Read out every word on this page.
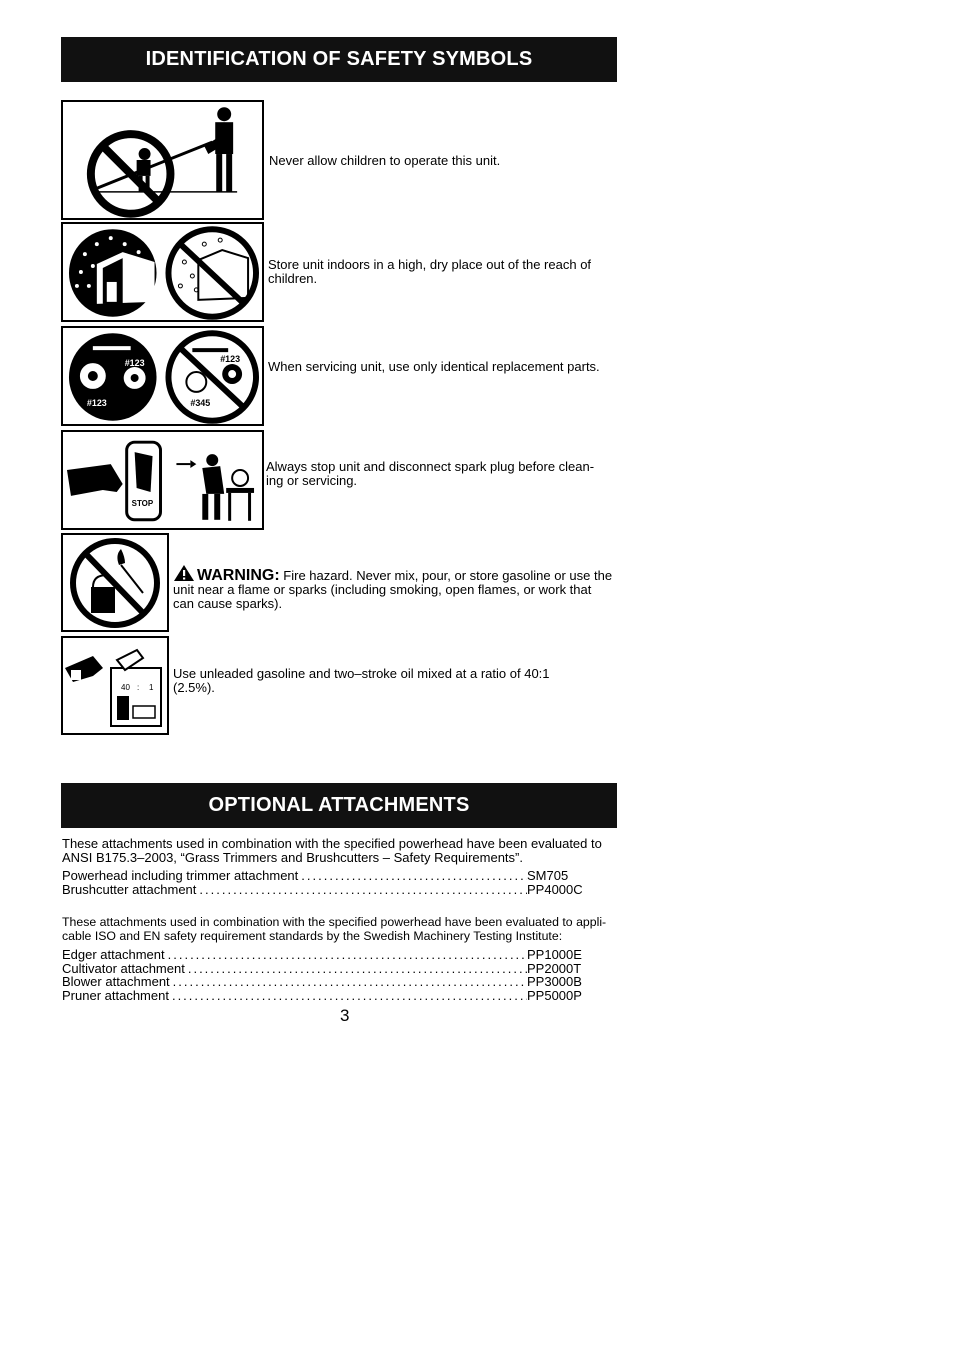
IDENTIFICATION OF SAFETY SYMBOLS
Never allow children to operate this unit.
Store unit indoors in a high, dry place out of the reach of children.
#123
#123
#123
#345
When servicing unit, use only identical replacement parts.
STOP
Always stop unit and disconnect spark plug before clean-ing or servicing.
WARNING: Fire hazard. Never mix, pour, or store gasoline or use the unit near a flame or sparks (including smoking, open flames, or work that can cause sparks).
40 : 1
Use unleaded gasoline and two–stroke oil mixed at a ratio of 40:1 (2.5%).
OPTIONAL ATTACHMENTS
These attachments used in combination with the specified powerhead have been evaluated to ANSI B175.3–2003, “Grass Trimmers and Brushcutters – Safety Requirements”.
Powerhead including trimmer attachment .....	SM705
Brushcutter attachment .....	PP4000C
These attachments used in combination with the specified powerhead have been evaluated to appli-cable ISO and EN safety requirement standards by the Swedish Machinery Testing Institute:
Edger attachment .....	PP1000E
Cultivator attachment .....	PP2000T
Blower attachment .....	PP3000B
Pruner attachment .....	PP5000P
3
